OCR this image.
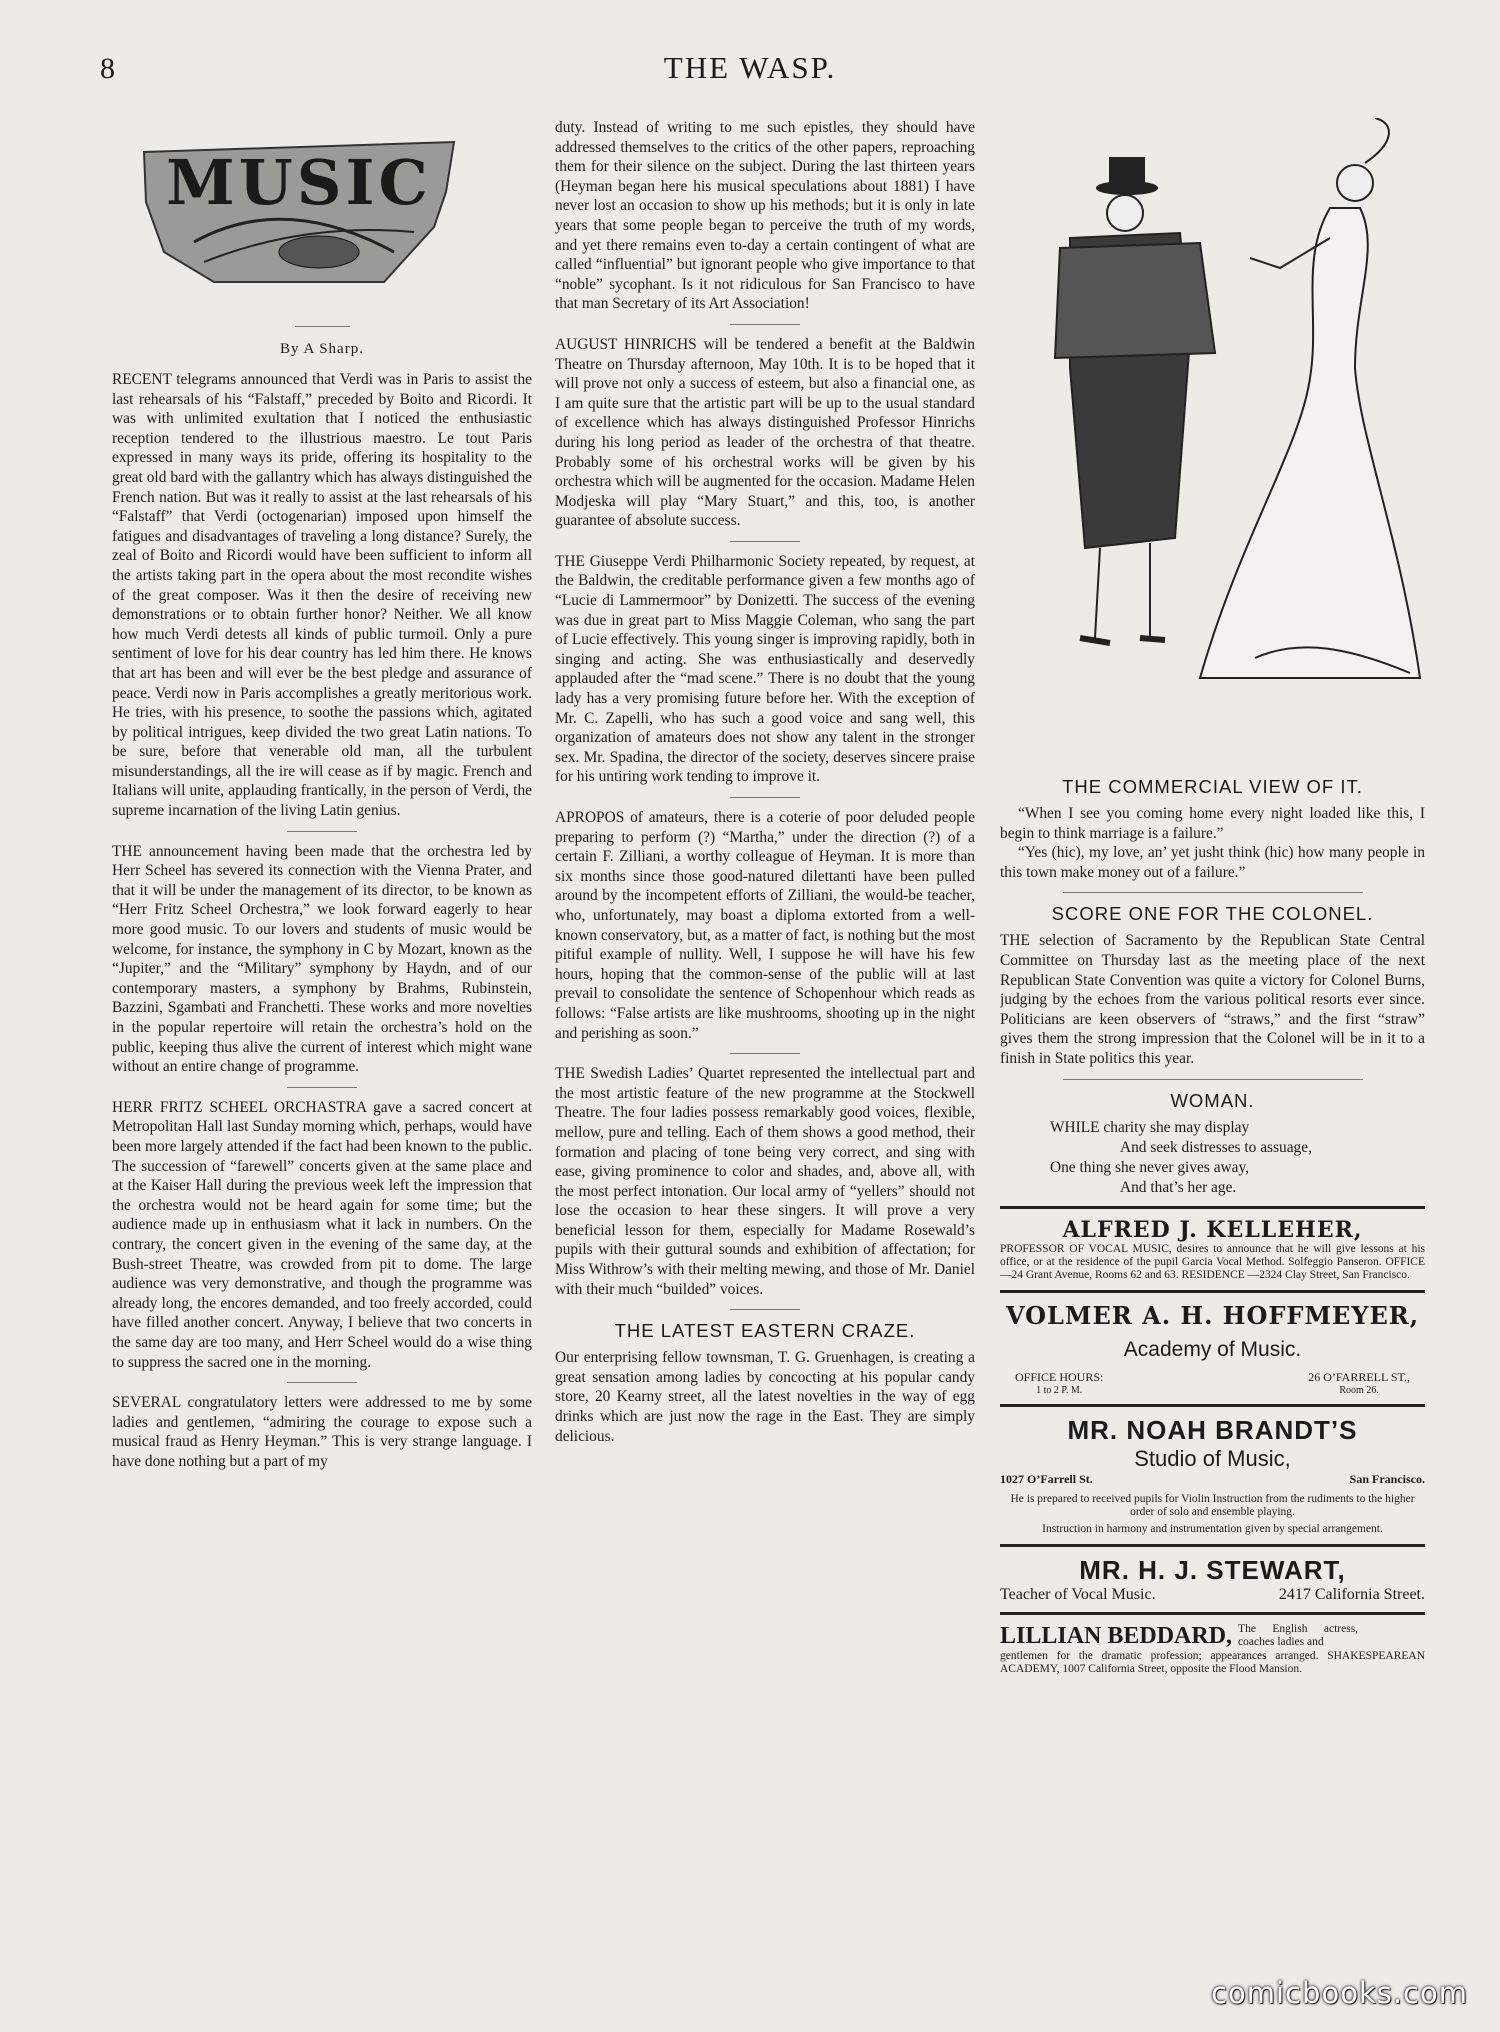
8	THE WASP.
MUSIC
By A Sharp.

RECENT telegrams announced that Verdi was in Paris to assist the last rehearsals of his “Falstaff,” preceded by Boito and Ricordi. It was with unlimited exultation that I noticed the enthusiastic reception tendered to the illustrious maestro. Le tout Paris expressed in many ways its pride, offering its hospitality to the great old bard with the gallantry which has always distinguished the French nation. But was it really to assist at the last rehearsals of his “Falstaff” that Verdi (octogenarian) imposed upon himself the fatigues and disadvantages of traveling a long distance? Surely, the zeal of Boito and Ricordi would have been sufficient to inform all the artists taking part in the opera about the most recondite wishes of the great composer. Was it then the desire of receiving new demonstrations or to obtain further honor? Neither. We all know how much Verdi detests all kinds of public turmoil. Only a pure sentiment of love for his dear country has led him there. He knows that art has been and will ever be the best pledge and assurance of peace. Verdi now in Paris accomplishes a greatly meritorious work. He tries, with his presence, to soothe the passions which, agitated by political intrigues, keep divided the two great Latin nations. To be sure, before that venerable old man, all the turbulent misunderstandings, all the ire will cease as if by magic. French and Italians will unite, applauding frantically, in the person of Verdi, the supreme incarnation of the living Latin genius.

THE announcement having been made that the orchestra led by Herr Scheel has severed its connection with the Vienna Prater, and that it will be under the management of its director, to be known as “Herr Fritz Scheel Orchestra,” we look forward eagerly to hear more good music. To our lovers and students of music would be welcome, for instance, the symphony in C by Mozart, known as the “Jupiter,” and the “Military” symphony by Haydn, and of our contemporary masters, a symphony by Brahms, Rubinstein, Bazzini, Sgambati and Franchetti. These works and more novelties in the popular repertoire will retain the orchestra’s hold on the public, keeping thus alive the current of interest which might wane without an entire change of programme.

HERR FRITZ SCHEEL ORCHASTRA gave a sacred concert at Metropolitan Hall last Sunday morning which, perhaps, would have been more largely attended if the fact had been known to the public. The succession of “farewell” concerts given at the same place and at the Kaiser Hall during the previous week left the impression that the orchestra would not be heard again for some time; but the audience made up in enthusiasm what it lack in numbers. On the contrary, the concert given in the evening of the same day, at the Bush-street Theatre, was crowded from pit to dome. The large audience was very demonstrative, and though the programme was already long, the encores demanded, and too freely accorded, could have filled another concert. Anyway, I believe that two concerts in the same day are too many, and Herr Scheel would do a wise thing to suppress the sacred one in the morning.

SEVERAL congratulatory letters were addressed to me by some ladies and gentlemen, “admiring the courage to expose such a musical fraud as Henry Heyman.” This is very strange language. I have done nothing but a part of my

duty. Instead of writing to me such epistles, they should have addressed themselves to the critics of the other papers, reproaching them for their silence on the subject. During the last thirteen years (Heyman began here his musical speculations about 1881) I have never lost an occasion to show up his methods; but it is only in late years that some people began to perceive the truth of my words, and yet there remains even to-day a certain contingent of what are called “influential” but ignorant people who give importance to that “noble” sycophant. Is it not ridiculous for San Francisco to have that man Secretary of its Art Association!

AUGUST HINRICHS will be tendered a benefit at the Baldwin Theatre on Thursday afternoon, May 10th. It is to be hoped that it will prove not only a success of esteem, but also a financial one, as I am quite sure that the artistic part will be up to the usual standard of excellence which has always distinguished Professor Hinrichs during his long period as leader of the orchestra of that theatre. Probably some of his orchestral works will be given by his orchestra which will be augmented for the occasion. Madame Helen Modjeska will play “Mary Stuart,” and this, too, is another guarantee of absolute success.

THE Giuseppe Verdi Philharmonic Society repeated, by request, at the Baldwin, the creditable performance given a few months ago of “Lucie di Lammermoor” by Donizetti. The success of the evening was due in great part to Miss Maggie Coleman, who sang the part of Lucie effectively. This young singer is improving rapidly, both in singing and acting. She was enthusiastically and deservedly applauded after the “mad scene.” There is no doubt that the young lady has a very promising future before her. With the exception of Mr. C. Zapelli, who has such a good voice and sang well, this organization of amateurs does not show any talent in the stronger sex. Mr. Spadina, the director of the society, deserves sincere praise for his untiring work tending to improve it.

APROPOS of amateurs, there is a coterie of poor deluded people preparing to perform (?) “Martha,” under the direction (?) of a certain F. Zilliani, a worthy colleague of Heyman. It is more than six months since those good-natured dilettanti have been pulled around by the incompetent efforts of Zilliani, the would-be teacher, who, unfortunately, may boast a diploma extorted from a well-known conservatory, but, as a matter of fact, is nothing but the most pitiful example of nullity. Well, I suppose he will have his few hours, hoping that the common-sense of the public will at last prevail to consolidate the sentence of Schopenhour which reads as follows: “False artists are like mushrooms, shooting up in the night and perishing as soon.”

THE Swedish Ladies’ Quartet represented the intellectual part and the most artistic feature of the new programme at the Stockwell Theatre. The four ladies possess remarkably good voices, flexible, mellow, pure and telling. Each of them shows a good method, their formation and placing of tone being very correct, and sing with ease, giving prominence to color and shades, and, above all, with the most perfect intonation. Our local army of “yellers” should not lose the occasion to hear these singers. It will prove a very beneficial lesson for them, especially for Madame Rosewald’s pupils with their guttural sounds and exhibition of affectation; for Miss Withrow’s with their melting mewing, and those of Mr. Daniel with their much “builded” voices.

THE LATEST EASTERN CRAZE.

Our enterprising fellow townsman, T. G. Gruenhagen, is creating a great sensation among ladies by concocting at his popular candy store, 20 Kearny street, all the latest novelties in the way of egg drinks which are just now the rage in the East. They are simply delicious.

THE COMMERCIAL VIEW OF IT.

“When I see you coming home every night loaded like this, I begin to think marriage is a failure.”

“Yes (hic), my love, an’ yet jusht think (hic) how many people in this town make money out of a failure.”

SCORE ONE FOR THE COLONEL.

THE selection of Sacramento by the Republican State Central Committee on Thursday last as the meeting place of the next Republican State Convention was quite a victory for Colonel Burns, judging by the echoes from the various political resorts ever since. Politicians are keen observers of “straws,” and the first “straw” gives them the strong impression that the Colonel will be in it to a finish in State politics this year.

WOMAN.
WHILE charity she may display
And seek distresses to assuage,
One thing she never gives away,
And that’s her age.
ALFRED J. KELLEHER,
PROFESSOR OF VOCAL MUSIC, desires to announce that he will give lessons at his office, or at the residence of the pupil Garcia Vocal Method. Solfeggio Panseron. OFFICE—24 Grant Avenue, Rooms 62 and 63. RESIDENCE —2324 Clay Street, San Francisco.
VOLMER A. H. HOFFMEYER,
Academy of Music.
OFFICE HOURS:
1 to 2 P. M.
26 O’FARRELL ST.,
Room 26.
MR. NOAH BRANDT’S
Studio of Music,
1027 O’Farrell St.	San Francisco.
He is prepared to received pupils for Violin Instruction from the rudiments to the higher order of solo and ensemble playing.
Instruction in harmony and instrumentation given by special arrangement.
MR. H. J. STEWART,
Teacher of Vocal Music.	2417 California Street.
LILLIAN BEDDARD, The English actress, coaches ladies and
gentlemen for the dramatic profession; appearances arranged. SHAKESPEAREAN ACADEMY, 1007 California Street, opposite the Flood Mansion.
comicbooks.com
